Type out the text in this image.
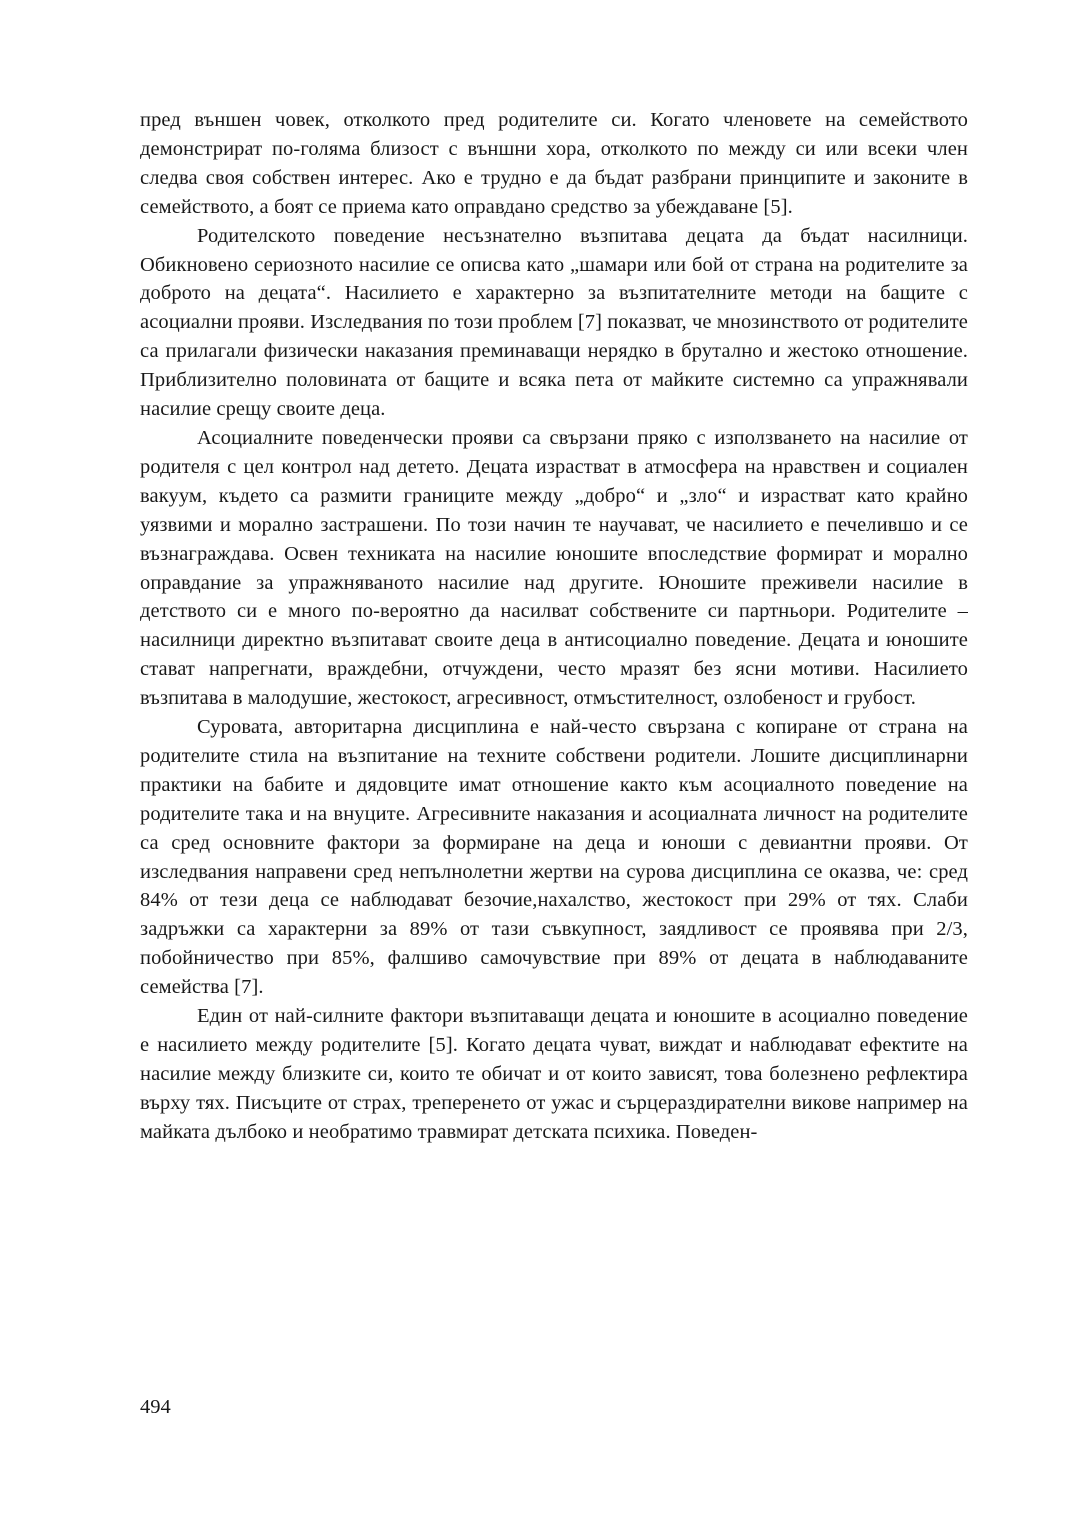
пред външен човек, отколкото пред родителите си. Когато членовете на семейството демонстрират по-голяма близост с външни хора, отколкото по между си или всеки член следва своя собствен интерес. Ако е трудно е да бъдат разбрани принципите и законите в семейството, а боят се приема като оправдано средство за убеждаване [5].

Родителското поведение несъзнателно възпитава децата да бъдат насилници. Обикновено сериозното насилие се описва като „шамари или бой от страна на родителите за доброто на децата“. Насилието е характерно за възпитателните методи на бащите с асоциални прояви. Изследвания по този проблем [7] показват, че мнозинството от родителите са прилагали физически наказания преминаващи нерядко в брутално и жестоко отношение. Приблизително половината от бащите и всяка пета от майките системно са упражнявали насилие срещу своите деца.

Асоциалните поведенчески прояви са свързани пряко с използването на насилие от родителя с цел контрол над детето. Децата израстват в атмосфера на нравствен и социален вакуум, където са размити границите между „добро“ и „зло“ и израстват като крайно уязвими и морално застрашени. По този начин те научават, че насилието е печелившо и се възнаграждава. Освен техниката на насилие юношите впоследствие формират и морално оправдание за упражняваното насилие над другите. Юношите преживели насилие в детството си е много по-вероятно да насилват собствените си партньори. Родителите – насилници директно възпитават своите деца в антисоциално поведение. Децата и юношите стават напрегнати, враждебни, отчуждени, често мразят без ясни мотиви. Насилието възпитава в малодушие, жестокост, агресивност, отмъстителност, озлобеност и грубост.

Суровата, авторитарна дисциплина е най-често свързана с копиране от страна на родителите стила на възпитание на техните собствени родители. Лошите дисциплинарни практики на бабите и дядовците имат отношение както към асоциалното поведение на родителите така и на внуците. Агресивните наказания и асоциалната личност на родителите са сред основните фактори за формиране на деца и юноши с девиантни прояви. От изследвания направени сред непълнолетни жертви на сурова дисциплина се оказва, че: сред 84% от тези деца се наблюдават безочие,нахалство, жестокост при 29% от тях. Слаби задръжки са характерни за 89% от тази съвкупност, заядливост се проявява при 2/3, побойничество при 85%, фалшиво самочувствие при 89% от децата в наблюдаваните семейства [7].

Един от най-силните фактори възпитаващи децата и юношите в асоциално поведение е насилието между родителите [5]. Когато децата чуват, виждат и наблюдават ефектите на насилие между близките си, които те обичат и от които зависят, това болезнено рефлектира върху тях. Писъците от страх, треперенето от ужас и сърцераздирателни викове например на майката дълбоко и необратимо травмират детската психика. Поведен-

494
